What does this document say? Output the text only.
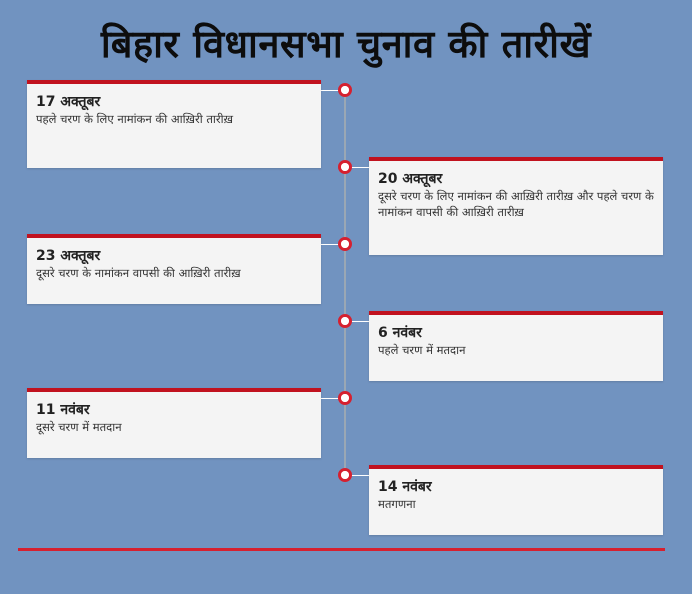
बिहार विधानसभा चुनाव की तारीखें
17 अक्तूबर
पहले चरण के लिए नामांकन की आख़िरी तारीख़
20 अक्तूबर
दूसरे चरण के लिए नामांकन की आख़िरी तारीख़ और पहले चरण के नामांकन वापसी की आख़िरी तारीख़
23 अक्तूबर
दूसरे चरण के नामांकन वापसी की आख़िरी तारीख़
6 नवंबर
पहले चरण में मतदान
11 नवंबर
दूसरे चरण में मतदान
14 नवंबर
मतगणना
